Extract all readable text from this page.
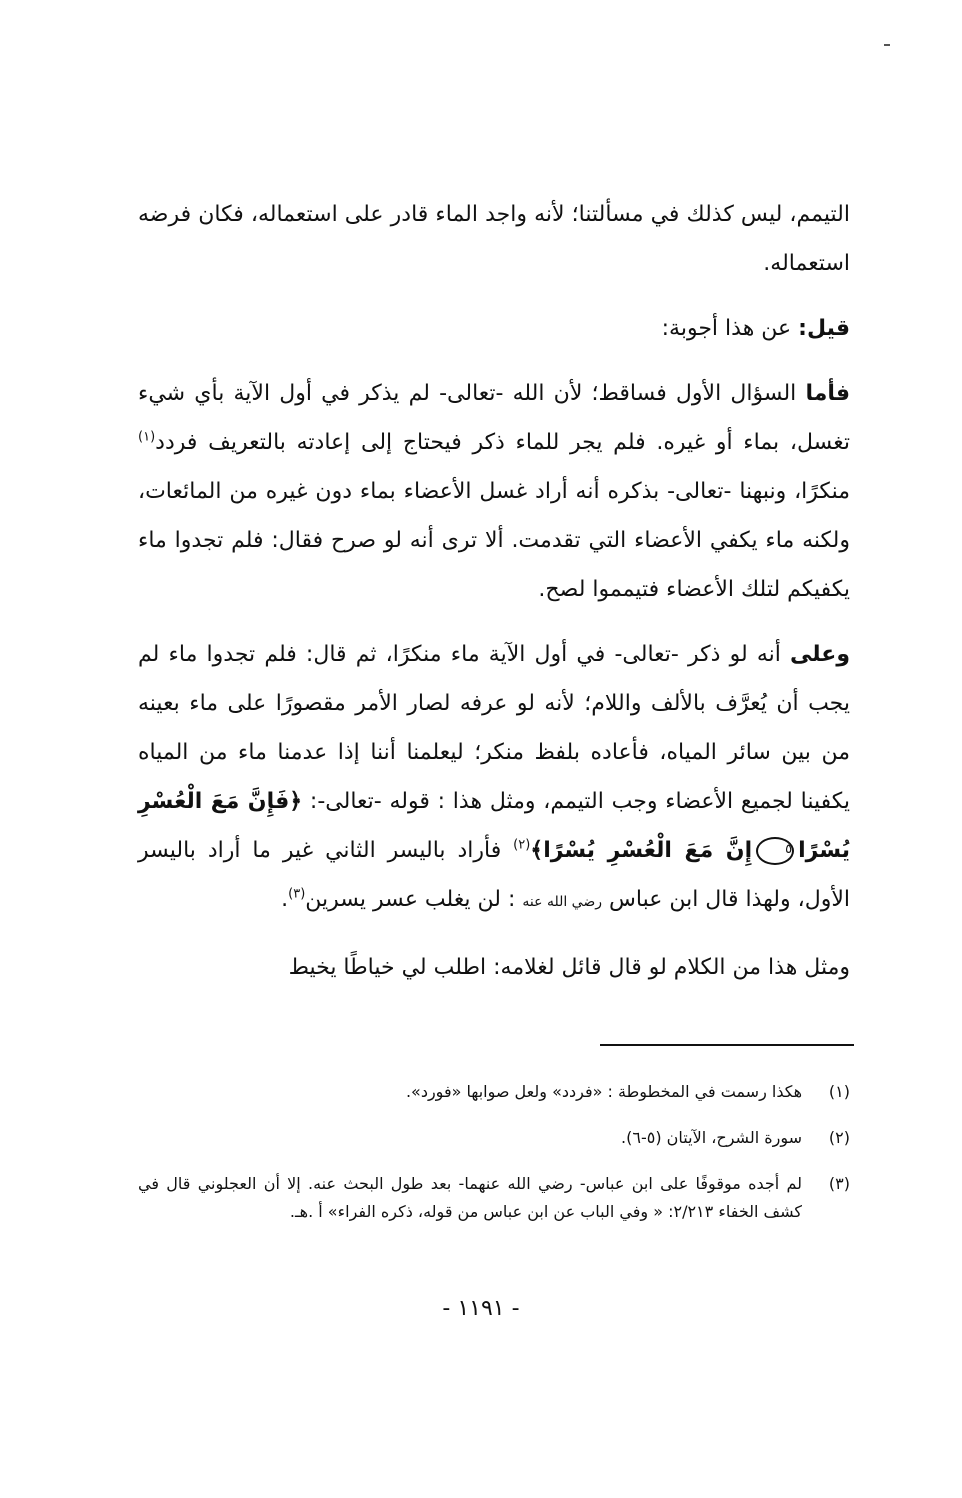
التيمم، ليس كذلك في مسألتنا؛ لأنه واجد الماء قادر على استعماله، فكان فرضه استعماله.

قيل: عن هذا أجوبة:

فأما السؤال الأول فساقط؛ لأن الله -تعالى- لم يذكر في أول الآية بأي شيء تغسل، بماء أو غيره. فلم يجر للماء ذكر فيحتاج إلى إعادته بالتعريف فردد$^{(١)}$ منكرًا، ونبهنا -تعالى- بذكره أنه أراد غسل الأعضاء بماء دون غيره من المائعات، ولكنه ماء يكفي الأعضاء التي تقدمت. ألا ترى أنه لو صرح فقال: فلم تجدوا ماء يكفيكم لتلك الأعضاء فتيمموا لصح.

وعلى أنه لو ذكر -تعالى- في أول الآية ماء منكرًا، ثم قال: فلم تجدوا ماء لم يجب أن يُعرَّف بالألف واللام؛ لأنه لو عرفه لصار الأمر مقصورًا على ماء بعينه من بين سائر المياه، فأعاده بلفظ منكر؛ ليعلمنا أننا إذا عدمنا ماء من المياه يكفينا لجميع الأعضاء وجب التيمم، ومثل هذا : قوله -تعالى-: ﴿فَإِنَّ مَعَ الْعُسْرِ يُسْرًا٥إِنَّ مَعَ الْعُسْرِ يُسْرًا﴾$^{(٢)}$ فأراد باليسر الثاني غير ما أراد باليسر الأول، ولهذا قال ابن عباس رضي الله عنه : لن يغلب عسر يسرين$^{(٣)}$.

ومثل هذا من الكلام لو قال قائل لغلامه: اطلب لي خياطًا يخيط

(١)
هكذا رسمت في المخطوطة : «فردد» ولعل صوابها «فورد».
(٢)
سورة الشرح، الآيتان (٥-٦).
(٣)
لم أجده موقوفًا على ابن عباس- رضي الله عنهما- بعد طول البحث عنه. إلا أن العجلوني قال في كشف الخفاء ٢/٢١٣: « وفي الباب عن ابن عباس من قوله، ذكره الفراء» أ .هـ.
- ١١٩١ -
